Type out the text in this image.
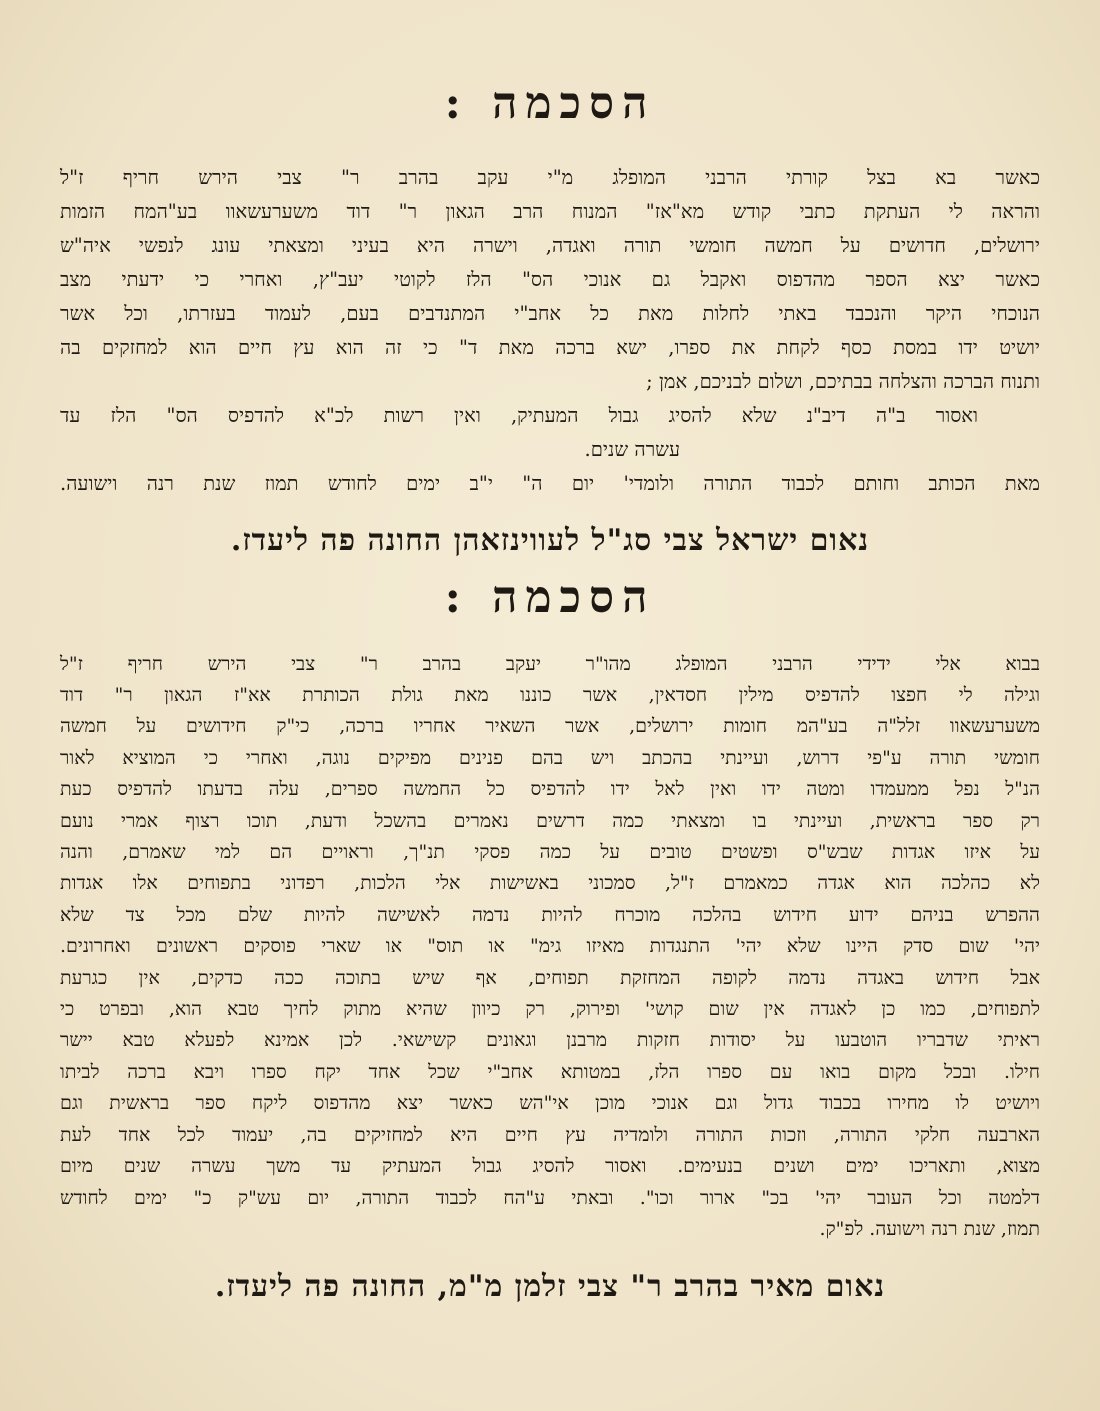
הסכמה :
כאשר בא בצל קורתי הרבני המופלג מ"י עקב בהרב ר" צבי הירש חריף ז"ל
והראה לי העתקת כתבי קודש מא"אז" המנוח הרב הגאון ר" דוד משערעשאוו בע"המח הזמות
ירושלים, חדושים על חמשה חומשי תורה ואגדה, וישרה היא בעיני ומצאתי עונג לנפשי איה"ש
כאשר יצא הספר מהדפוס ואקבל גם אנוכי הס" הלז לקוטי יעב"ץ, ואחרי כי ידעתי מצב
הנוכחי היקר והנכבד באתי לחלות מאת כל אחב"י המתנדבים בעם, לעמוד בעזרתו, וכל אשר
יושיט ידו במסת כסף לקחת את ספרו, ישא ברכה מאת ד" כי זה הוא עץ חיים הוא למחזקים בה
ותנוח הברכה והצלחה בבתיכם, ושלום לבניכם, אמן ;
ואסור ב"ה דיב"נ שלא להסיג גבול המעתיק, ואין רשות לכ"א להדפיס הס" הלז עד
עשרה שנים.
מאת הכותב וחותם לכבוד התורה ולומדי' יום ה" י"ב ימים לחודש תמוז שנת רנה וישועה.

נאום ישראל צבי סג"ל לעווינזאהן החונה פה ליעדז.

הסכמה :
בבוא אלי ידידי הרבני המופלג מהו"ר יעקב בהרב ר" צבי הירש חריף ז"ל
וגילה לי חפצו להדפיס מילין חסדאין, אשר כוננו מאת גולת הכותרת אא"ז הגאון ר" דוד
משערעשאוו זלל"ה בע"המ חומות ירושלים, אשר השאיר אחריו ברכה, כי"ק חידושים על חמשה
חומשי תורה ע"פי דרוש, ועיינתי בהכתב ויש בהם פנינים מפיקים נוגה, ואחרי כי המוציא לאור
הנ"ל נפל ממעמדו ומטה ידו ואין לאל ידו להדפיס כל החמשה ספרים, עלה בדעתו להדפיס כעת
רק ספר בראשית, ועיינתי בו ומצאתי כמה דרשים נאמרים בהשכל ודעת, תוכו רצוף אמרי נועם
על איזו אגדות שבש"ס ופשטים טובים על כמה פסקי תנ"ך, וראויים הם למי שאמרם, והנה
לא כהלכה הוא אגדה כמאמרם ז"ל, סמכוני באשישות אלי הלכות, רפדוני בתפוחים אלו אגדות
ההפרש בניהם ידוע חידוש בהלכה מוכרח להיות נדמה לאשישה להיות שלם מכל צד שלא
יהי' שום סדק היינו שלא יהי' התנגדות מאיזו גימ" או תוס" או שארי פוסקים ראשונים ואחרונים.
אבל חידוש באגדה נדמה לקופה המחזקת תפוחים, אף שיש בתוכה ככה כדקים, אין כגרעת
לתפוחים, כמו כן לאגדה אין שום קושי' ופירוק, רק כיוון שהיא מתוק לחיך טבא הוא, ובפרט כי
ראיתי שדבריו הוטבעו על יסודות חזקות מרבנן וגאונים קשישאי. לכן אמינא לפעלא טבא יישר
חילו. ובכל מקום בואו עם ספרו הלז, במטותא אחב"י שכל אחד יקח ספרו ויבא ברכה לביתו
ויושיט לו מחירו בכבוד גדול וגם אנוכי מוכן אי"הש כאשר יצא מהדפוס ליקח ספר בראשית וגם
הארבעה חלקי התורה, וזכות התורה ולומדיה עץ חיים היא למחזיקים בה, יעמוד לכל אחד לעת
מצוא, ותאריכו ימים ושנים בנעימים. ואסור להסיג גבול המעתיק עד משך עשרה שנים מיום
דלמטה וכל העובר יהי' בכ" ארור וכו". ובאתי ע"הח לכבוד התורה, יום עש"ק כ" ימים לחודש
תמוז, שנת רנה וישועה. לפ"ק.

נאום מאיר בהרב ר" צבי זלמן מ"מ, החונה פה ליעדז.
